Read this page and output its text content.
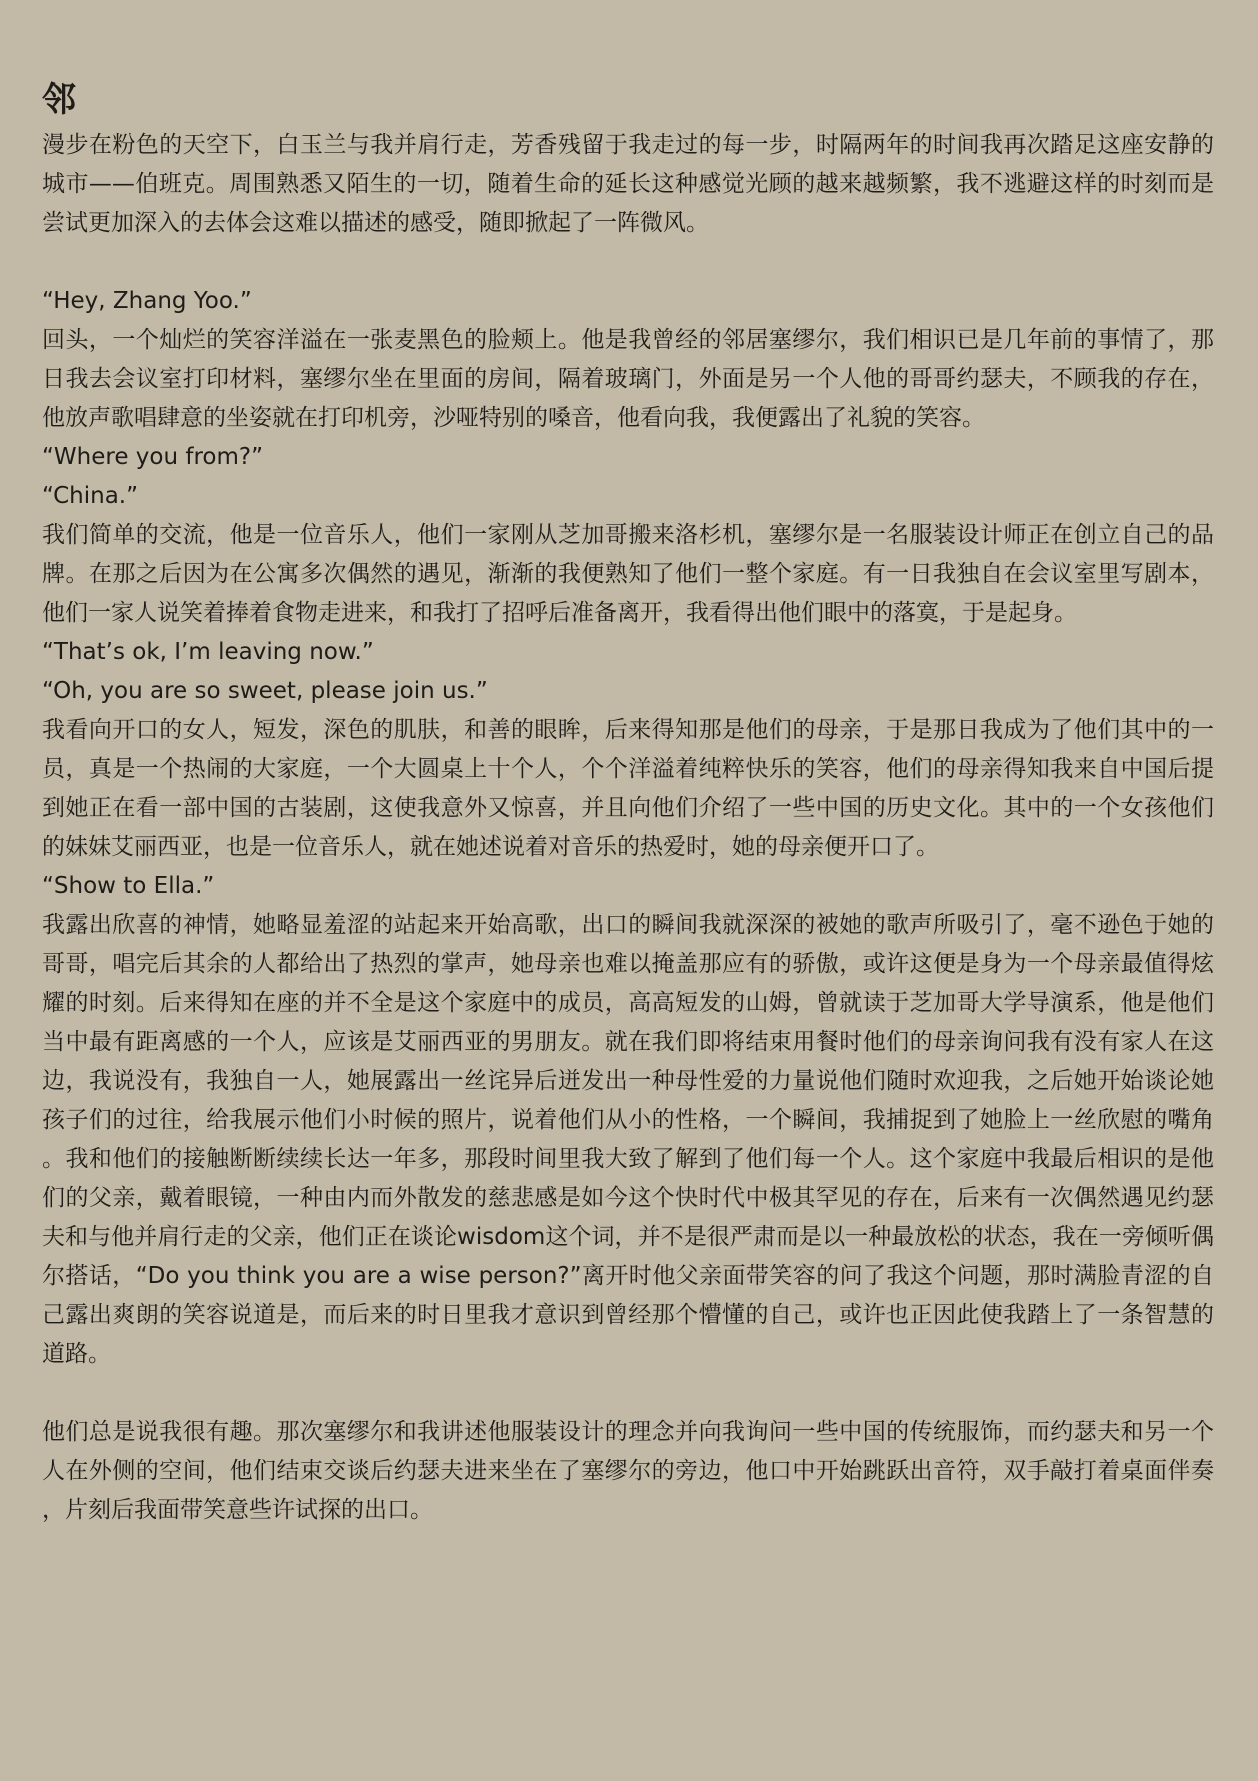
邻

漫步在粉色的天空下，白玉兰与我并肩行走，芳香残留于我走过的每一步，时隔两年的时间我再次踏足这座安静的城市——伯班克。周围熟悉又陌生的一切，随着生命的延长这种感觉光顾的越来越频繁，我不逃避这样的时刻而是尝试更加深入的去体会这难以描述的感受，随即掀起了一阵微风。

“Hey, Zhang Yoo.”

回头，一个灿烂的笑容洋溢在一张麦黑色的脸颊上。他是我曾经的邻居塞缪尔，我们相识已是几年前的事情了，那日我去会议室打印材料，塞缪尔坐在里面的房间，隔着玻璃门，外面是另一个人他的哥哥约瑟夫，不顾我的存在，他放声歌唱肆意的坐姿就在打印机旁，沙哑特别的嗓音，他看向我，我便露出了礼貌的笑容。

“Where you from?”

“China.”

我们简单的交流，他是一位音乐人，他们一家刚从芝加哥搬来洛杉机，塞缪尔是一名服装设计师正在创立自己的品牌。在那之后因为在公寓多次偶然的遇见，渐渐的我便熟知了他们一整个家庭。有一日我独自在会议室里写剧本，他们一家人说笑着捧着食物走进来，和我打了招呼后准备离开，我看得出他们眼中的落寞，于是起身。

“That’s ok, I’m leaving now.”

“Oh, you are so sweet, please join us.”

我看向开口的女人，短发，深色的肌肤，和善的眼眸，后来得知那是他们的母亲，于是那日我成为了他们其中的一员，真是一个热闹的大家庭，一个大圆桌上十个人，个个洋溢着纯粹快乐的笑容，他们的母亲得知我来自中国后提到她正在看一部中国的古装剧，这使我意外又惊喜，并且向他们介绍了一些中国的历史文化。其中的一个女孩他们的妹妹艾丽西亚，也是一位音乐人，就在她述说着对音乐的热爱时，她的母亲便开口了。

“Show to Ella.”

我露出欣喜的神情，她略显羞涩的站起来开始高歌，出口的瞬间我就深深的被她的歌声所吸引了，毫不逊色于她的哥哥，唱完后其余的人都给出了热烈的掌声，她母亲也难以掩盖那应有的骄傲，或许这便是身为一个母亲最值得炫耀的时刻。后来得知在座的并不全是这个家庭中的成员，高高短发的山姆，曾就读于芝加哥大学导演系，他是他们当中最有距离感的一个人，应该是艾丽西亚的男朋友。就在我们即将结束用餐时他们的母亲询问我有没有家人在这边，我说没有，我独自一人，她展露出一丝诧异后迸发出一种母性爱的力量说他们随时欢迎我，之后她开始谈论她孩子们的过往，给我展示他们小时候的照片，说着他们从小的性格，一个瞬间，我捕捉到了她脸上一丝欣慰的嘴角。我和他们的接触断断续续长达一年多，那段时间里我大致了解到了他们每一个人。这个家庭中我最后相识的是他们的父亲，戴着眼镜，一种由内而外散发的慈悲感是如今这个快时代中极其罕见的存在，后来有一次偶然遇见约瑟夫和与他并肩行走的父亲，他们正在谈论wisdom这个词，并不是很严肃而是以一种最放松的状态，我在一旁倾听偶尔搭话，“Do you think you are a wise person?”离开时他父亲面带笑容的问了我这个问题，那时满脸青涩的自己露出爽朗的笑容说道是，而后来的时日里我才意识到曾经那个懵懂的自己，或许也正因此使我踏上了一条智慧的道路。

他们总是说我很有趣。那次塞缪尔和我讲述他服装设计的理念并向我询问一些中国的传统服饰，而约瑟夫和另一个人在外侧的空间，他们结束交谈后约瑟夫进来坐在了塞缪尔的旁边，他口中开始跳跃出音符，双手敲打着桌面伴奏，片刻后我面带笑意些许试探的出口。
